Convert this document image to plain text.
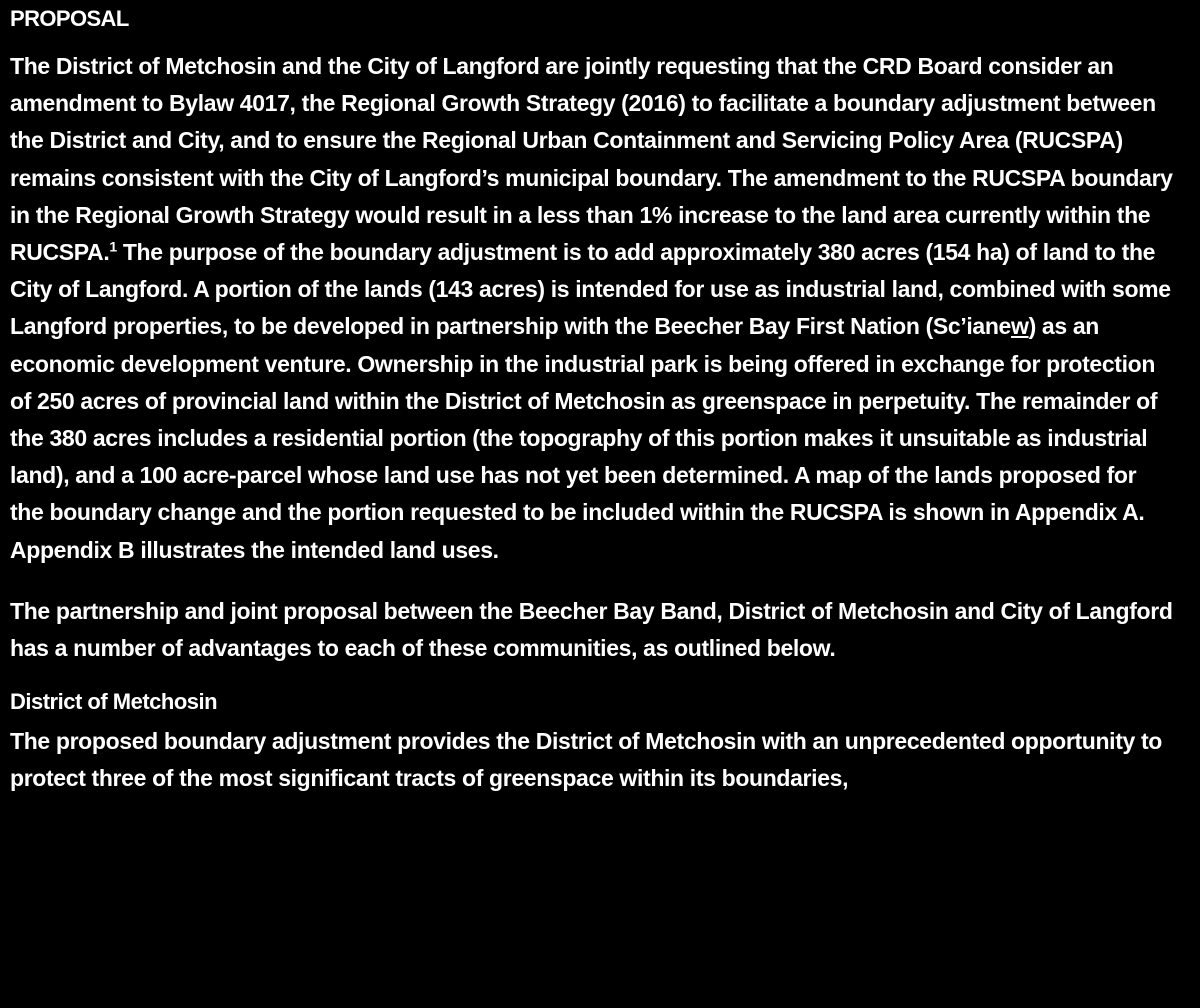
PROPOSAL

The District of Metchosin and the City of Langford are jointly requesting that the CRD Board consider an amendment to Bylaw 4017, the Regional Growth Strategy (2016) to facilitate a boundary adjustment between the District and City, and to ensure the Regional Urban Containment and Servicing Policy Area (RUCSPA) remains consistent with the City of Langford’s municipal boundary. The amendment to the RUCSPA boundary in the Regional Growth Strategy would result in a less than 1% increase to the land area currently within the RUCSPA.$^1$ The purpose of the boundary adjustment is to add approximately 380 acres (154 ha) of land to the City of Langford. A portion of the lands (143 acres) is intended for use as industrial land, combined with some Langford properties, to be developed in partnership with the Beecher Bay First Nation (Sc’ianew) as an economic development venture. Ownership in the industrial park is being offered in exchange for protection of 250 acres of provincial land within the District of Metchosin as greenspace in perpetuity. The remainder of the 380 acres includes a residential portion (the topography of this portion makes it unsuitable as industrial land), and a 100 acre-parcel whose land use has not yet been determined. A map of the lands proposed for the boundary change and the portion requested to be included within the RUCSPA is shown in Appendix A. Appendix B illustrates the intended land uses.

The partnership and joint proposal between the Beecher Bay Band, District of Metchosin and City of Langford has a number of advantages to each of these communities, as outlined below.

District of Metchosin

The proposed boundary adjustment provides the District of Metchosin with an unprecedented opportunity to protect three of the most significant tracts of greenspace within its boundaries,
